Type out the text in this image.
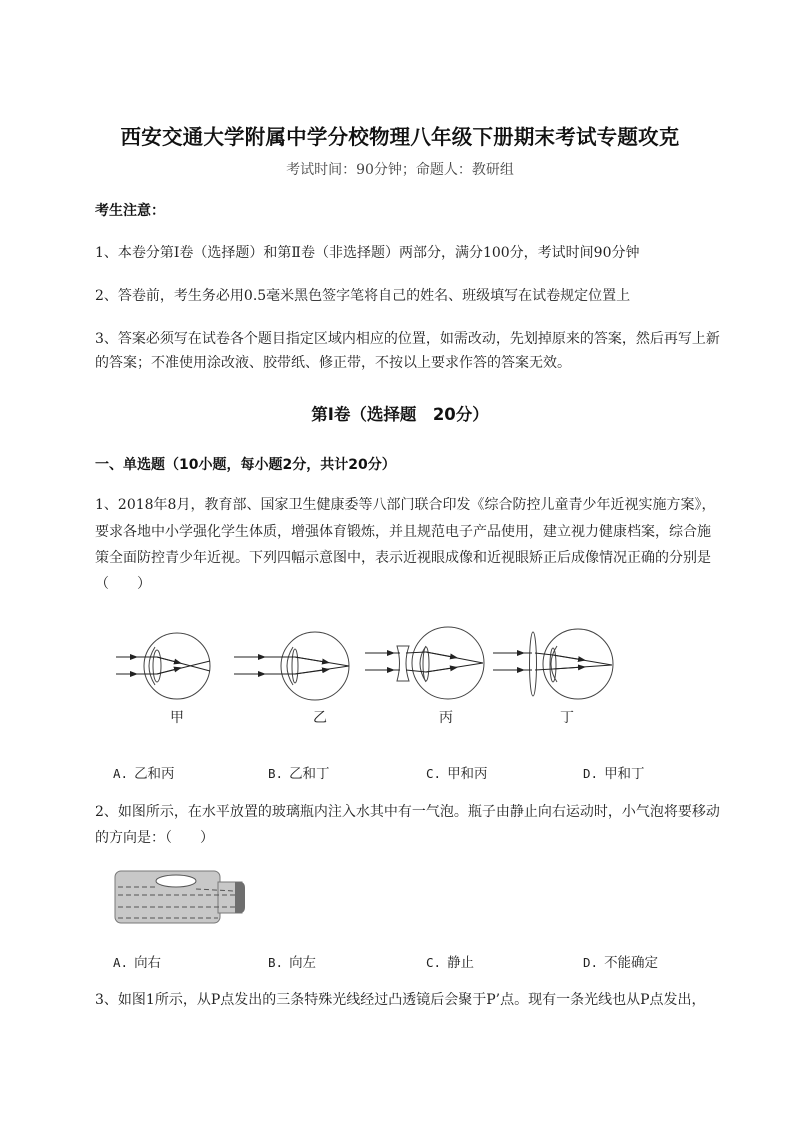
西安交通大学附属中学分校物理八年级下册期末考试专题攻克
考试时间：90分钟；命题人：教研组
考生注意：
1、本卷分第I卷（选择题）和第Ⅱ卷（非选择题）两部分，满分100分，考试时间90分钟
2、答卷前，考生务必用0.5毫米黑色签字笔将自己的姓名、班级填写在试卷规定位置上
3、答案必须写在试卷各个题目指定区域内相应的位置，如需改动，先划掉原来的答案，然后再写上新
的答案；不准使用涂改液、胶带纸、修正带，不按以上要求作答的答案无效。
第I卷（选择题　20分）
一、单选题（10小题，每小题2分，共计20分）
1、2018年8月，教育部、国家卫生健康委等八部门联合印发《综合防控儿童青少年近视实施方案》，
要求各地中小学强化学生体质，增强体育锻炼，并且规范电子产品使用，建立视力健康档案，综合施
策全面防控青少年近视。下列四幅示意图中，表示近视眼成像和近视眼矫正后成像情况正确的分别是
（　　）
甲	乙	丙	丁
A. 乙和丙	B. 乙和丁	C. 甲和丙	D. 甲和丁
2、如图所示，在水平放置的玻璃瓶内注入水其中有一气泡。瓶子由静止向右运动时，小气泡将要移动
的方向是：（　　）
A. 向右	B. 向左	C. 静止	D. 不能确定
3、如图1所示，从P点发出的三条特殊光线经过凸透镜后会聚于P’点。现有一条光线也从P点发出，
